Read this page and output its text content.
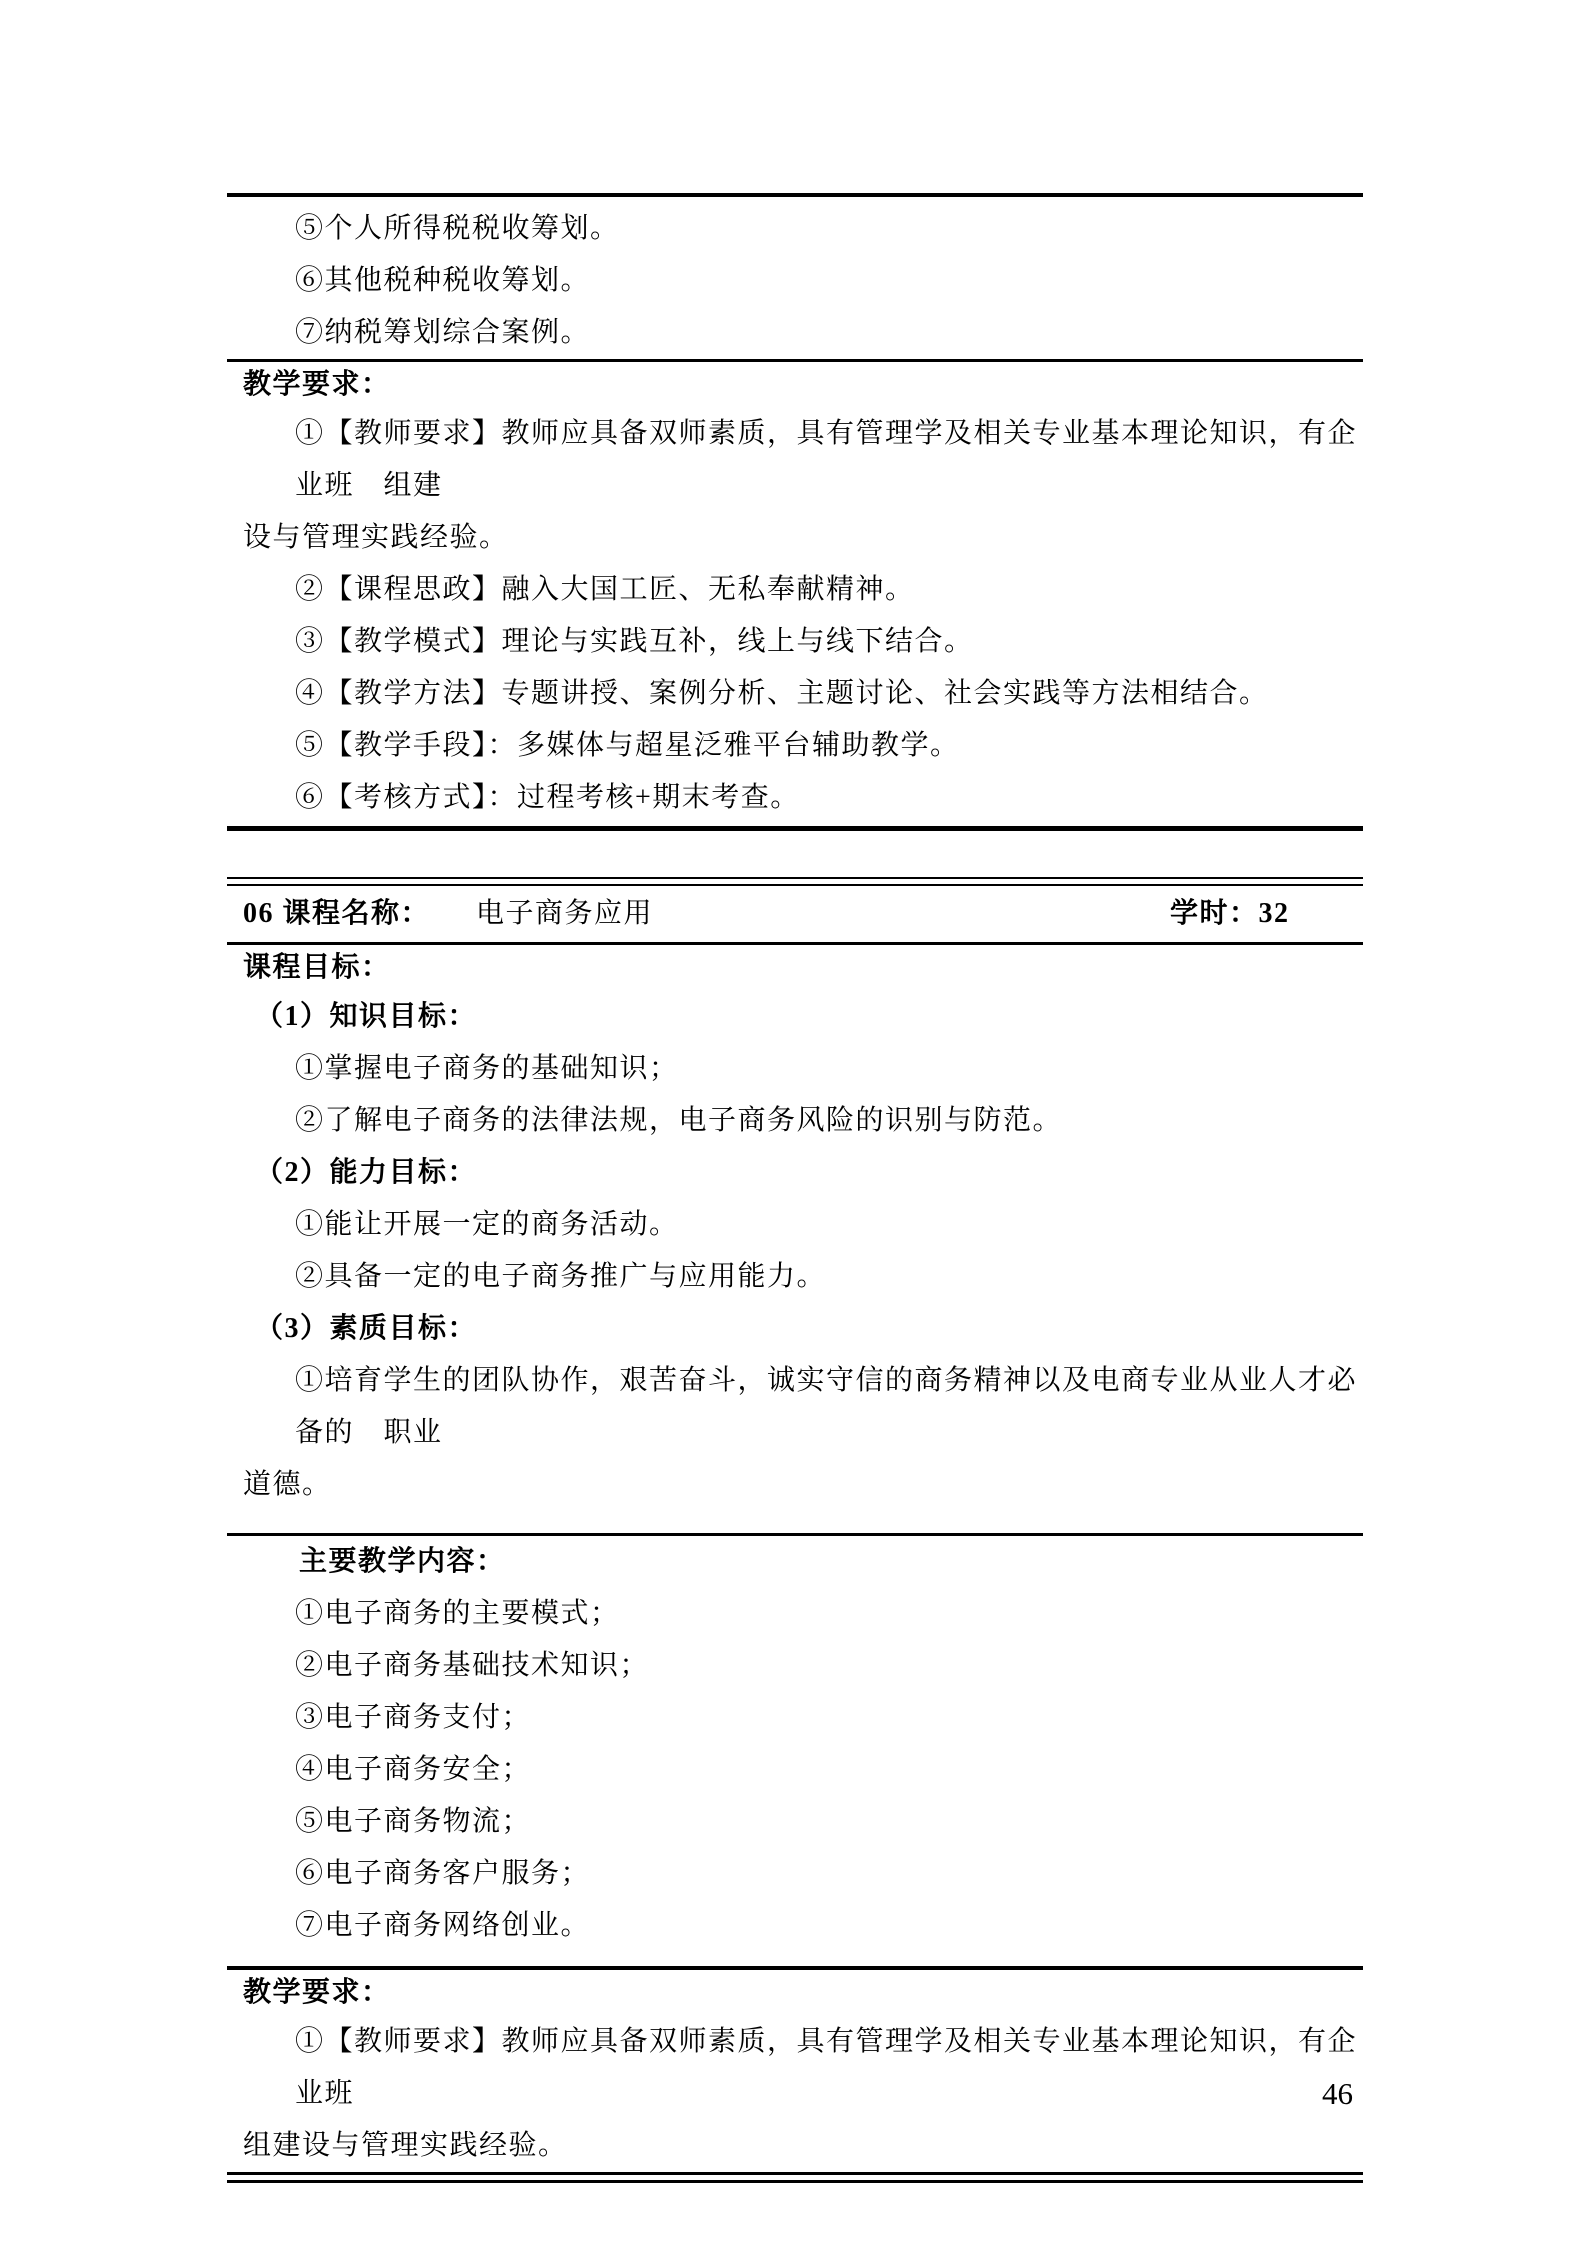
⑤个人所得税税收筹划。

⑥其他税种税收筹划。

⑦纳税筹划综合案例。

教学要求：

①【教师要求】教师应具备双师素质，具有管理学及相关专业基本理论知识，有企业班　组建

设与管理实践经验。

②【课程思政】融入大国工匠、无私奉献精神。

③【教学模式】理论与实践互补，线上与线下结合。

④【教学方法】专题讲授、案例分析、主题讨论、社会实践等方法相结合。

⑤【教学手段】：多媒体与超星泛雅平台辅助教学。

⑥【考核方式】：过程考核+期末考查。

06 课程名称： 电子商务应用	学时：32

课程目标：

（1）知识目标：

①掌握电子商务的基础知识；

②了解电子商务的法律法规，电子商务风险的识别与防范。

（2）能力目标：

①能让开展一定的商务活动。

②具备一定的电子商务推广与应用能力。

（3）素质目标：

①培育学生的团队协作，艰苦奋斗，诚实守信的商务精神以及电商专业从业人才必备的　职业

道德。

主要教学内容：

①电子商务的主要模式；

②电子商务基础技术知识；

③电子商务支付；

④电子商务安全；

⑤电子商务物流；

⑥电子商务客户服务；

⑦电子商务网络创业。

教学要求：

①【教师要求】教师应具备双师素质，具有管理学及相关专业基本理论知识，有企业班

组建设与管理实践经验。

46
